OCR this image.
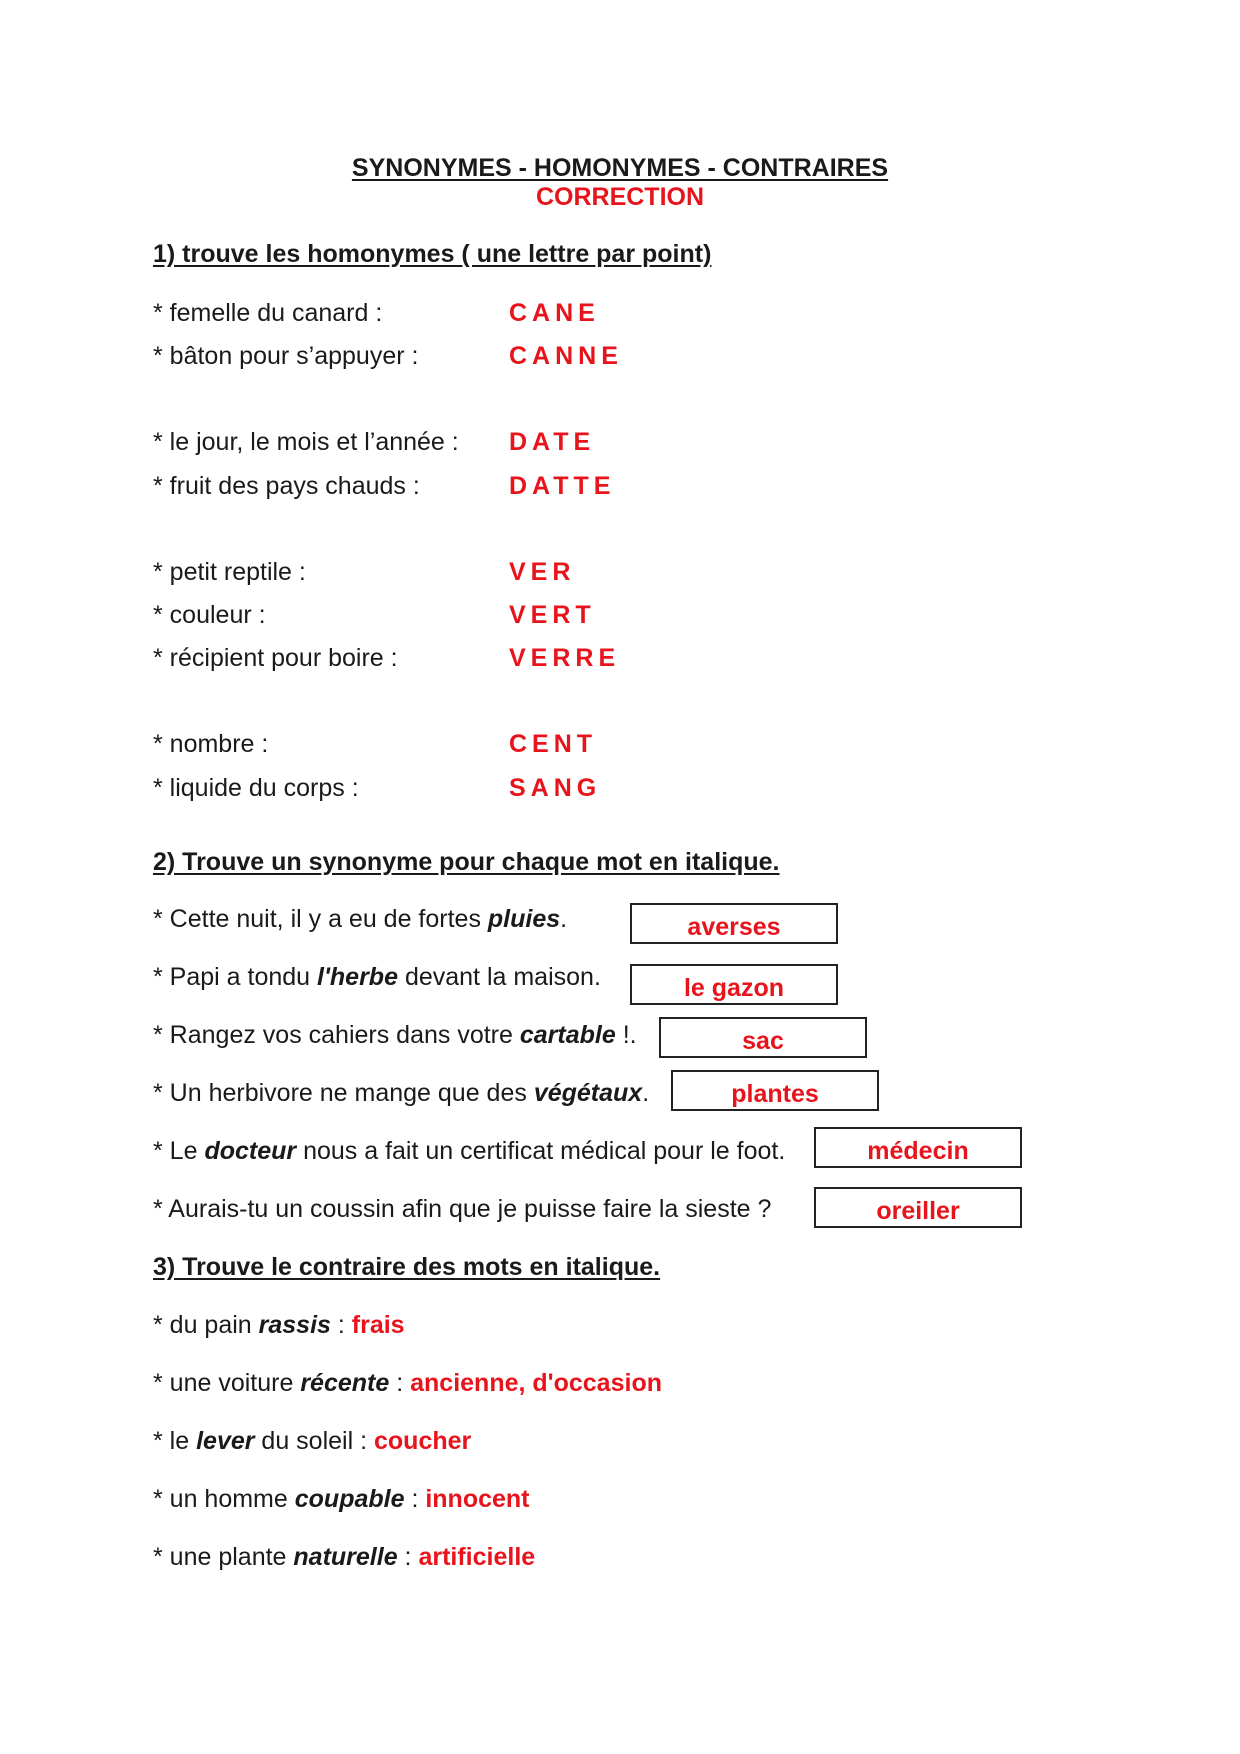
SYNONYMES - HOMONYMES - CONTRAIRES
CORRECTION
1) trouve les homonymes ( une lettre par point)
* femelle du canard :	CANE
* bâton pour s’appuyer :	CANNE
* le jour, le mois et l’année : DATE
* fruit des pays chauds :	DATTE
* petit reptile :	VER
* couleur :	VERT
* récipient pour boire :	VERRE
* nombre :	CENT
* liquide du corps :	SANG
2) Trouve un synonyme pour chaque mot en italique.
* Cette nuit, il y a eu de fortes pluies.	averses
* Papi a tondu l'herbe devant la maison.	le gazon
* Rangez vos cahiers dans votre cartable !.	sac
* Un herbivore ne mange que des végétaux.	plantes
* Le docteur nous a fait un certificat médical pour le foot.	médecin
* Aurais-tu un coussin afin que je puisse faire la sieste ?	oreiller
3) Trouve le contraire des mots en italique.
* du pain rassis : frais
* une voiture récente : ancienne, d'occasion
* le lever du soleil : coucher
* un homme coupable : innocent
* une plante naturelle : artificielle
